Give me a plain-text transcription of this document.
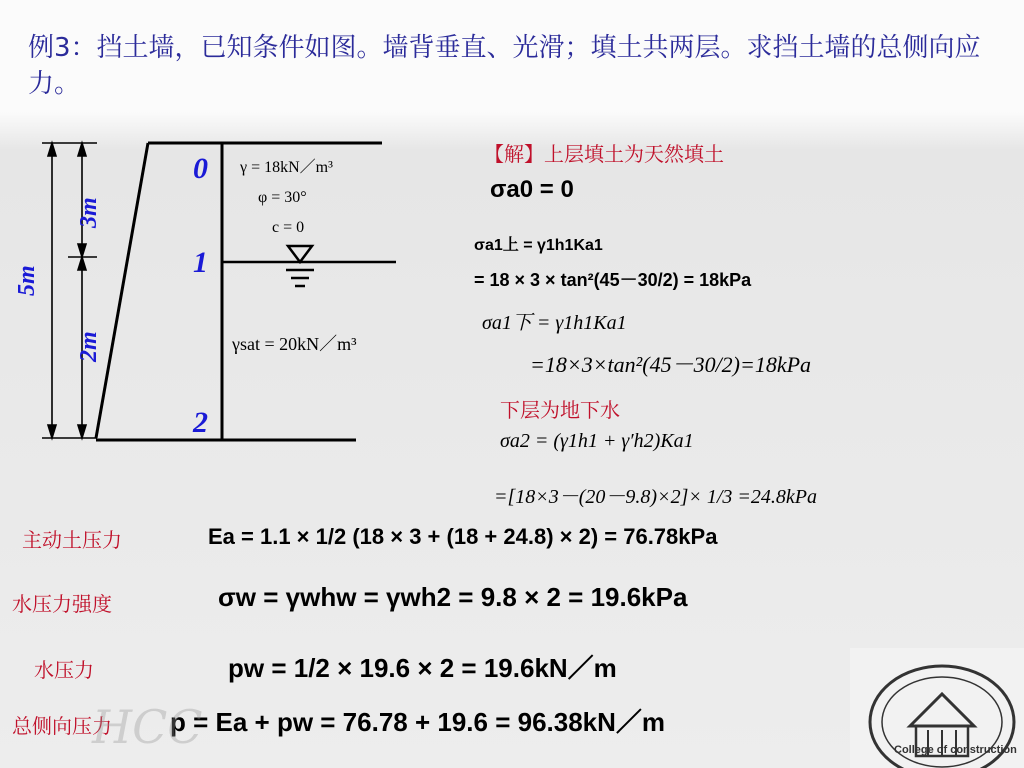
例3：挡土墙，已知条件如图。墙背垂直、光滑；填土共两层。求挡土墙的总侧向应力。
5m
3m
2m
0
1
2
γ = 18kN／m³
φ = 30°
c = 0
γsat = 20kN／m³
【解】上层填土为天然填土
σa0 = 0
σa1上 = γ1h1Ka1
= 18 × 3 × tan²(45－30/2) = 18kPa
σa1下 = γ1h1Ka1
=18×3×tan²(45－30/2)=18kPa
下层为地下水
σa2 = (γ1h1 + γ′h2)Ka1
=[18×3－(20－9.8)×2]× 1/3 =24.8kPa
主动土压力	Ea = 1.1 × 1/2 (18 × 3 + (18 + 24.8) × 2) = 76.78kPa
水压力强度	σw = γwhw = γwh2 = 9.8 × 2 = 19.6kPa
水压力	pw = 1/2 × 19.6 × 2 = 19.6kN／m
总侧向压力 p = Ea + pw = 76.78 + 19.6 = 96.38kN／m
HCC	College of construction
